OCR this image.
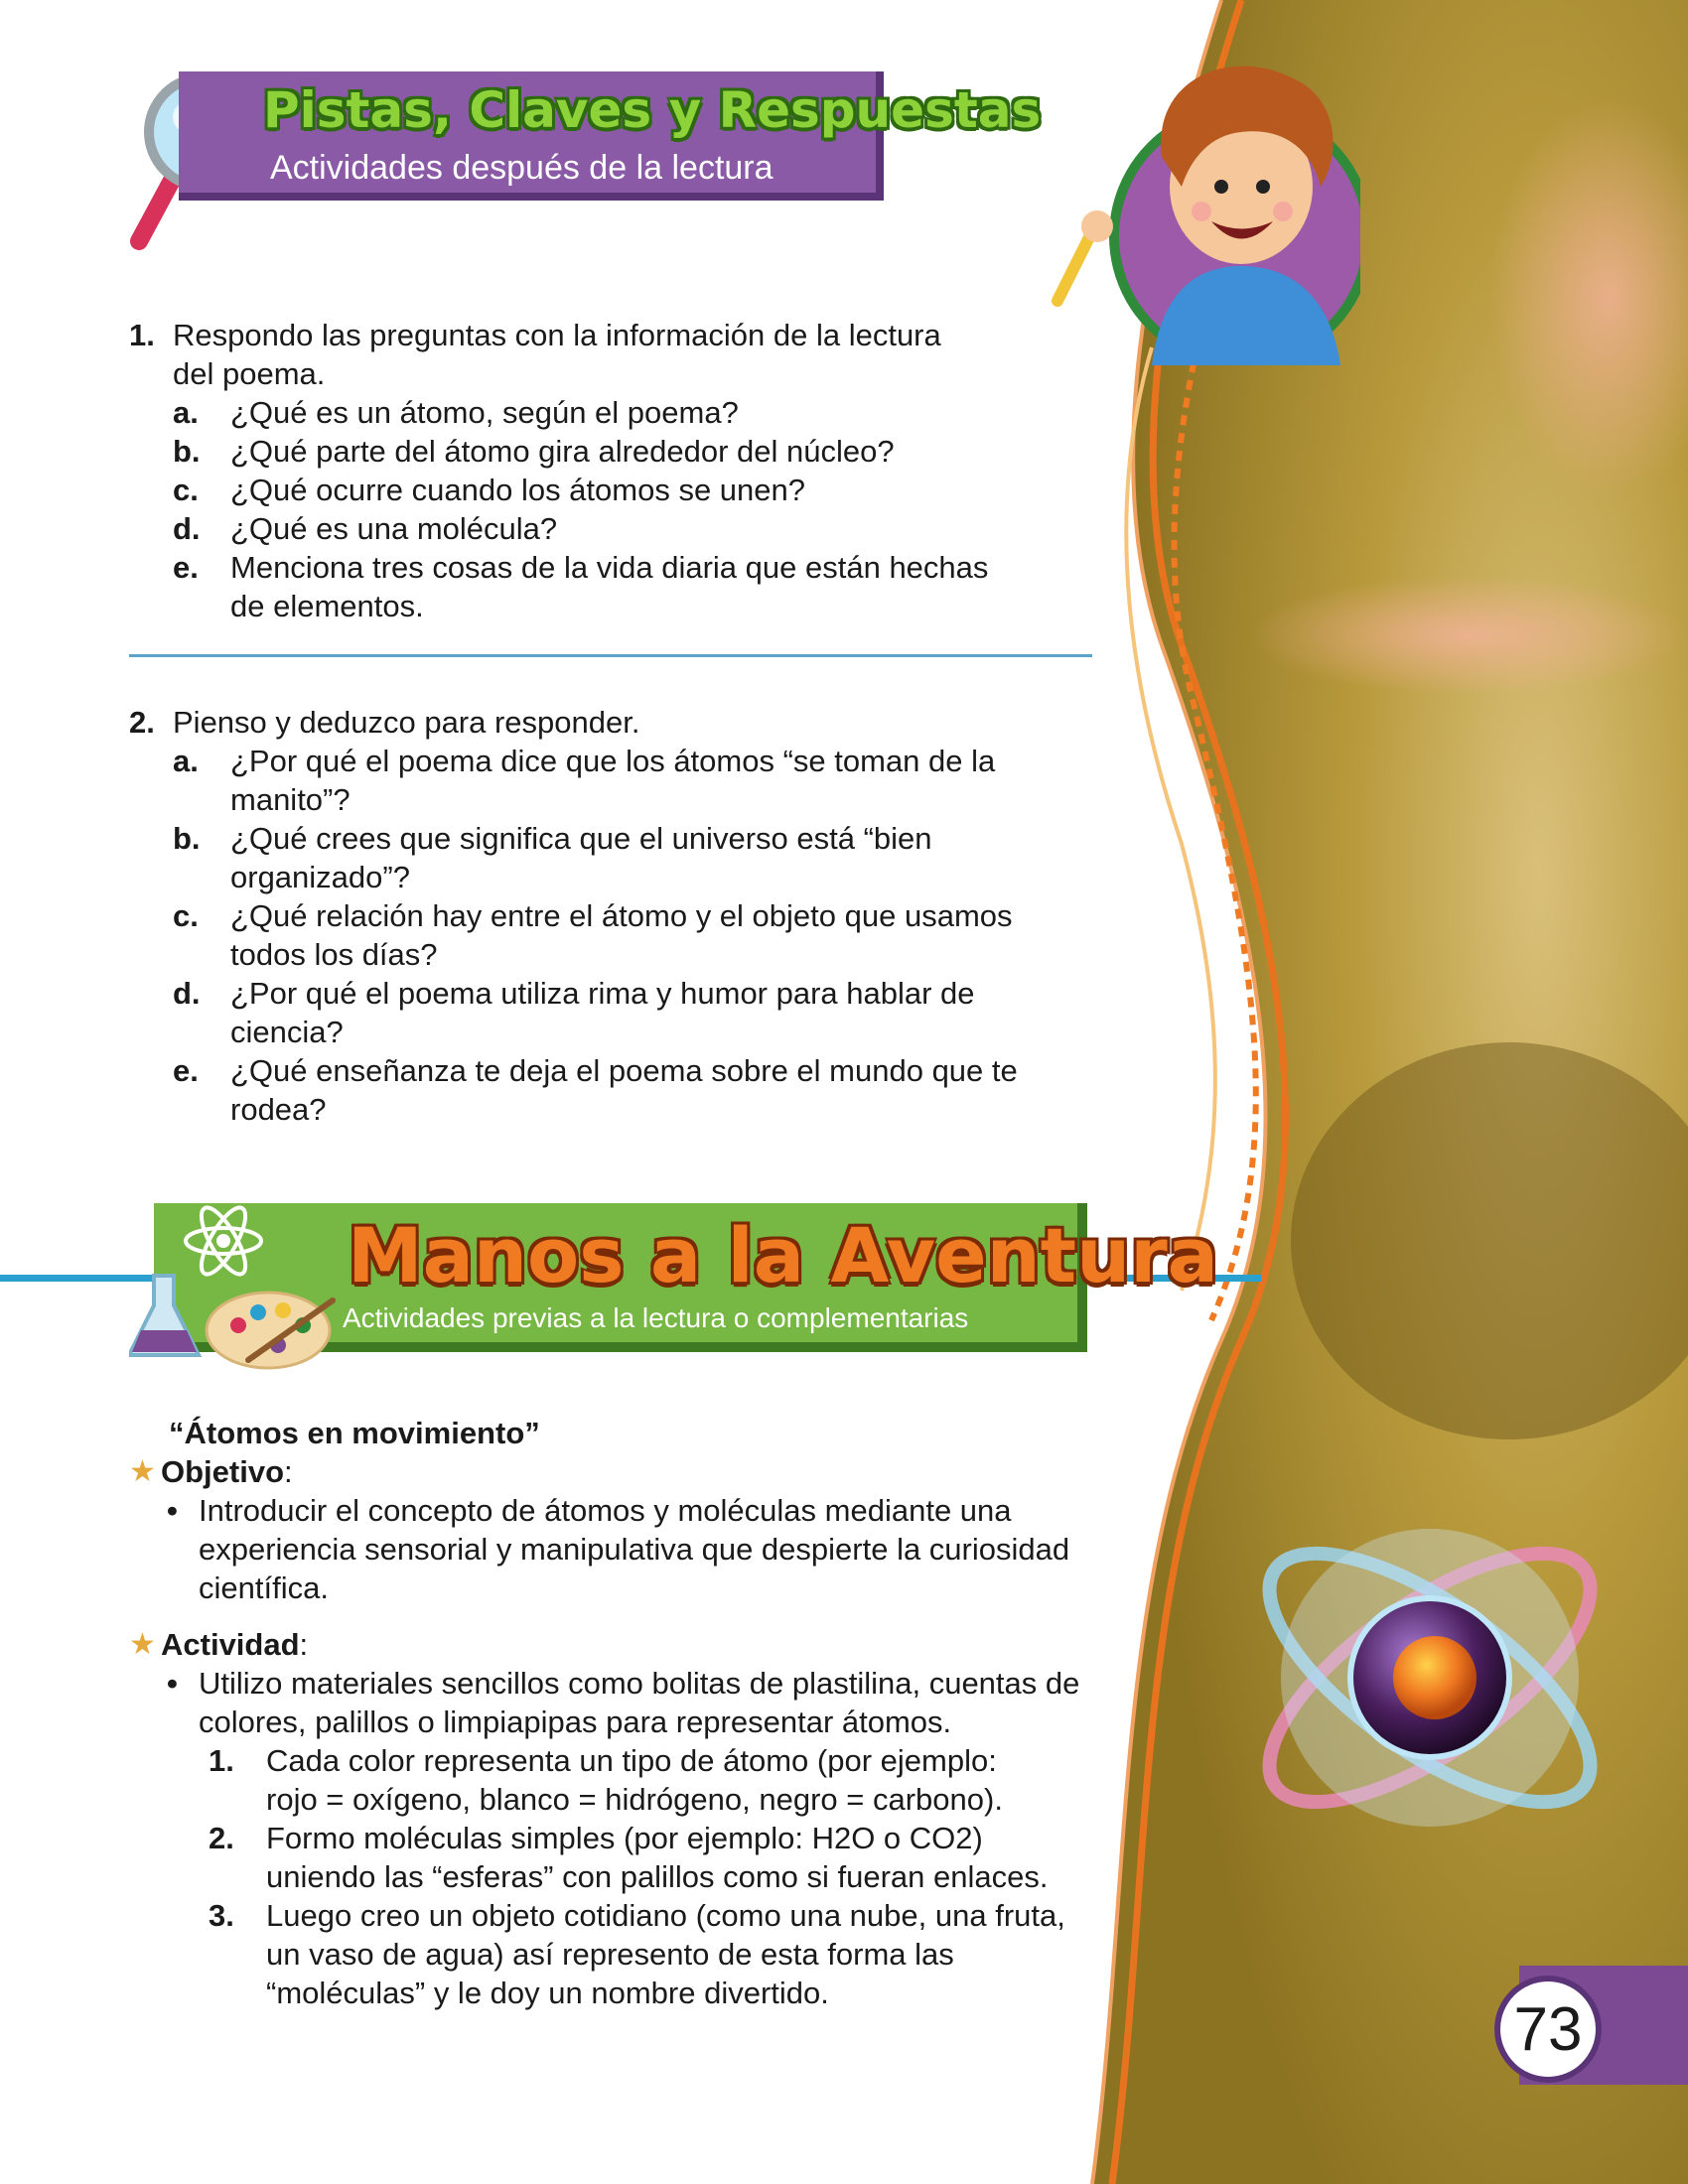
Pistas, Claves y Respuestas
Actividades después de la lectura
1. Respondo las preguntas con la información de la lectura
del poema.
a.	¿Qué es un átomo, según el poema?
b. ¿Qué parte del átomo gira alrededor del núcleo?
c.	¿Qué ocurre cuando los átomos se unen?
d. ¿Qué es una molécula?
e.	Menciona tres cosas de la vida diaria que están hechas
de elementos.
2. Pienso y deduzco para responder.
a.	¿Por qué el poema dice que los átomos “se toman de la
manito”?
b. ¿Qué crees que significa que el universo está “bien
organizado”?
c.	¿Qué relación hay entre el átomo y el objeto que usamos
todos los días?
d. ¿Por qué el poema utiliza rima y humor para hablar de
ciencia?
e.	¿Qué enseñanza te deja el poema sobre el mundo que te
rodea?
Manos a la Aventura
Actividades previas a la lectura o complementarias
“Átomos en movimiento”
★ Objetivo :
• Introducir el concepto de átomos y moléculas mediante una
experiencia sensorial y manipulativa que despierte la curiosidad
científica.
★ Actividad :
• Utilizo materiales sencillos como bolitas de plastilina, cuentas de
colores, palillos o limpiapipas para representar átomos.
1.	Cada color representa un tipo de átomo (por ejemplo:
rojo = oxígeno, blanco = hidrógeno, negro = carbono).
2.	Formo moléculas simples (por ejemplo: H2O o CO2)
uniendo las “esferas” con palillos como si fueran enlaces.
3.	Luego creo un objeto cotidiano (como una nube, una fruta,
un vaso de agua) así represento de esta forma las
“moléculas” y le doy un nombre divertido.
73
